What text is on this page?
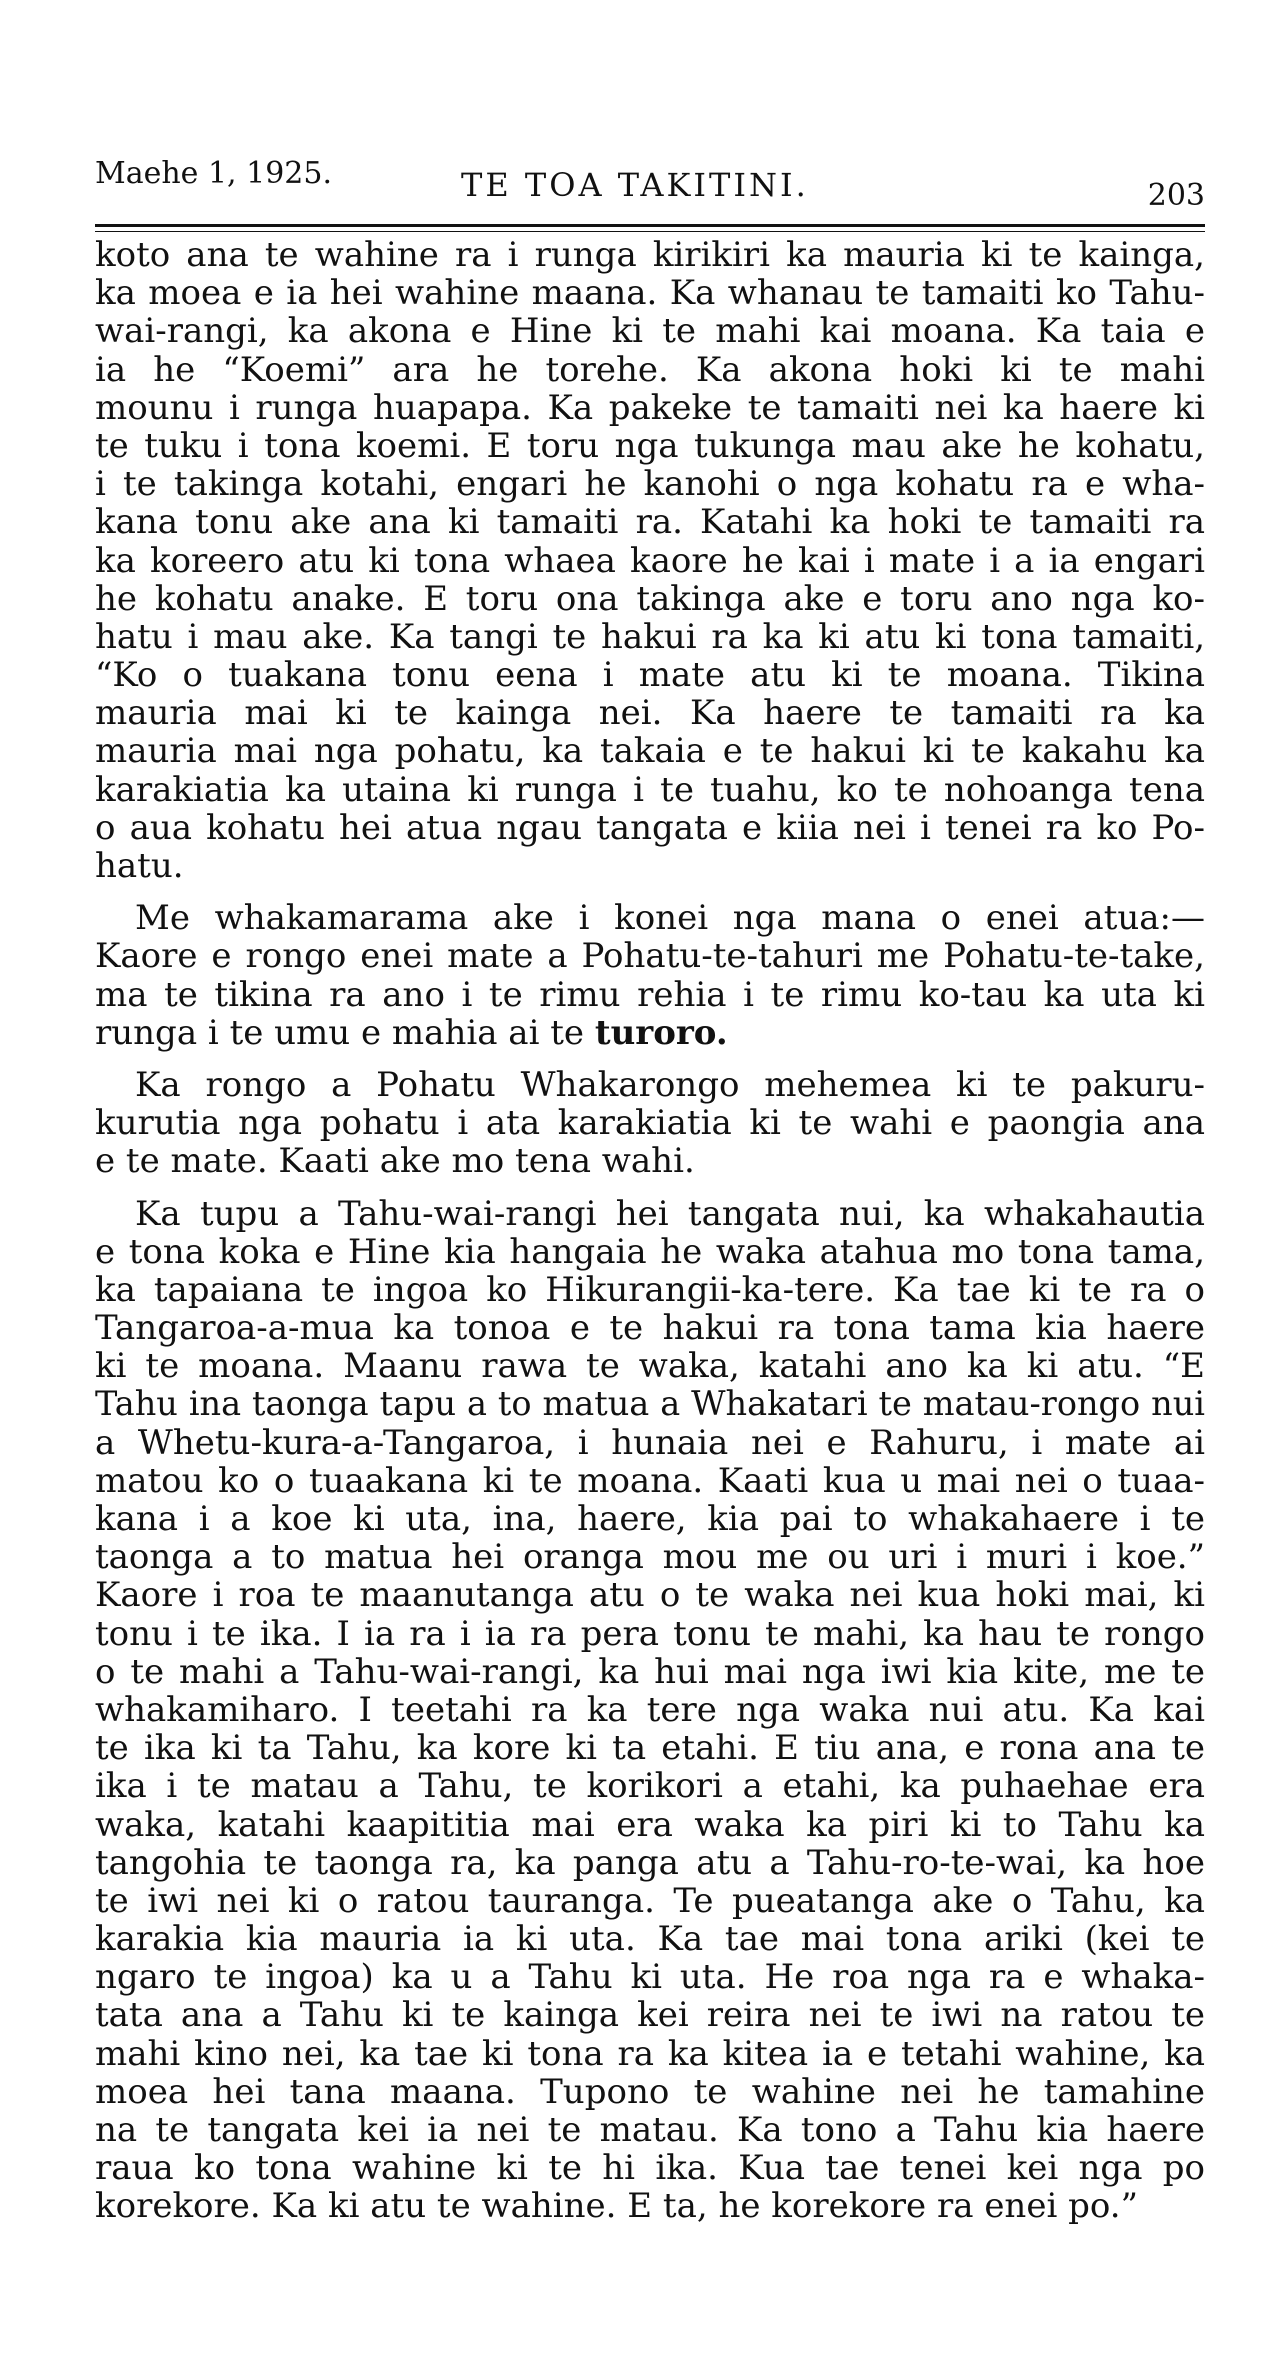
Maehe 1, 1925.	TE TOA TAKITINI.	203
koto ana te wahine ra i runga kirikiri ka mauria ki te kainga,
ka moea e ia hei wahine maana. Ka whanau te tamaiti ko Tahu-
wai-rangi, ka akona e Hine ki te mahi kai moana. Ka taia e
ia he “Koemi” ara he torehe. Ka akona hoki ki te mahi
mounu i runga huapapa. Ka pakeke te tamaiti nei ka haere ki
te tuku i tona koemi. E toru nga tukunga mau ake he kohatu,
i te takinga kotahi, engari he kanohi o nga kohatu ra e wha-
kana tonu ake ana ki tamaiti ra. Katahi ka hoki te tamaiti ra
ka koreero atu ki tona whaea kaore he kai i mate i a ia engari
he kohatu anake. E toru ona takinga ake e toru ano nga ko-
hatu i mau ake. Ka tangi te hakui ra ka ki atu ki tona tamaiti,
“Ko o tuakana tonu eena i mate atu ki te moana. Tikina
mauria mai ki te kainga nei. Ka haere te tamaiti ra ka
mauria mai nga pohatu, ka takaia e te hakui ki te kakahu ka
karakiatia ka utaina ki runga i te tuahu, ko te nohoanga tena
o aua kohatu hei atua ngau tangata e kiia nei i tenei ra ko Po-
hatu.
Me whakamarama ake i konei nga mana o enei atua:—
Kaore e rongo enei mate a Pohatu-te-tahuri me Pohatu-te-take,
ma te tikina ra ano i te rimu rehia i te rimu ko-tau ka uta ki
runga i te umu e mahia ai te turoro.
Ka rongo a Pohatu Whakarongo mehemea ki te pakuru-
kurutia nga pohatu i ata karakiatia ki te wahi e paongia ana
e te mate. Kaati ake mo tena wahi.
Ka tupu a Tahu-wai-rangi hei tangata nui, ka whakahautia
e tona koka e Hine kia hangaia he waka atahua mo tona tama,
ka tapaiana te ingoa ko Hikurangii-ka-tere. Ka tae ki te ra o
Tangaroa-a-mua ka tonoa e te hakui ra tona tama kia haere
ki te moana. Maanu rawa te waka, katahi ano ka ki atu. “E
Tahu ina taonga tapu a to matua a Whakatari te matau-rongo nui
a Whetu-kura-a-Tangaroa, i hunaia nei e Rahuru, i mate ai
matou ko o tuaakana ki te moana. Kaati kua u mai nei o tuaa-
kana i a koe ki uta, ina, haere, kia pai to whakahaere i te
taonga a to matua hei oranga mou me ou uri i muri i koe.”
Kaore i roa te maanutanga atu o te waka nei kua hoki mai, ki
tonu i te ika. I ia ra i ia ra pera tonu te mahi, ka hau te rongo
o te mahi a Tahu-wai-rangi, ka hui mai nga iwi kia kite, me te
whakamiharo. I teetahi ra ka tere nga waka nui atu. Ka kai
te ika ki ta Tahu, ka kore ki ta etahi. E tiu ana, e rona ana te
ika i te matau a Tahu, te korikori a etahi, ka puhaehae era
waka, katahi kaapititia mai era waka ka piri ki to Tahu ka
tangohia te taonga ra, ka panga atu a Tahu-ro-te-wai, ka hoe
te iwi nei ki o ratou tauranga. Te pueatanga ake o Tahu, ka
karakia kia mauria ia ki uta. Ka tae mai tona ariki (kei te
ngaro te ingoa) ka u a Tahu ki uta. He roa nga ra e whaka-
tata ana a Tahu ki te kainga kei reira nei te iwi na ratou te
mahi kino nei, ka tae ki tona ra ka kitea ia e tetahi wahine, ka
moea hei tana maana. Tupono te wahine nei he tamahine
na te tangata kei ia nei te matau. Ka tono a Tahu kia haere
raua ko tona wahine ki te hi ika. Kua tae tenei kei nga po
korekore. Ka ki atu te wahine. E ta, he korekore ra enei po.”
